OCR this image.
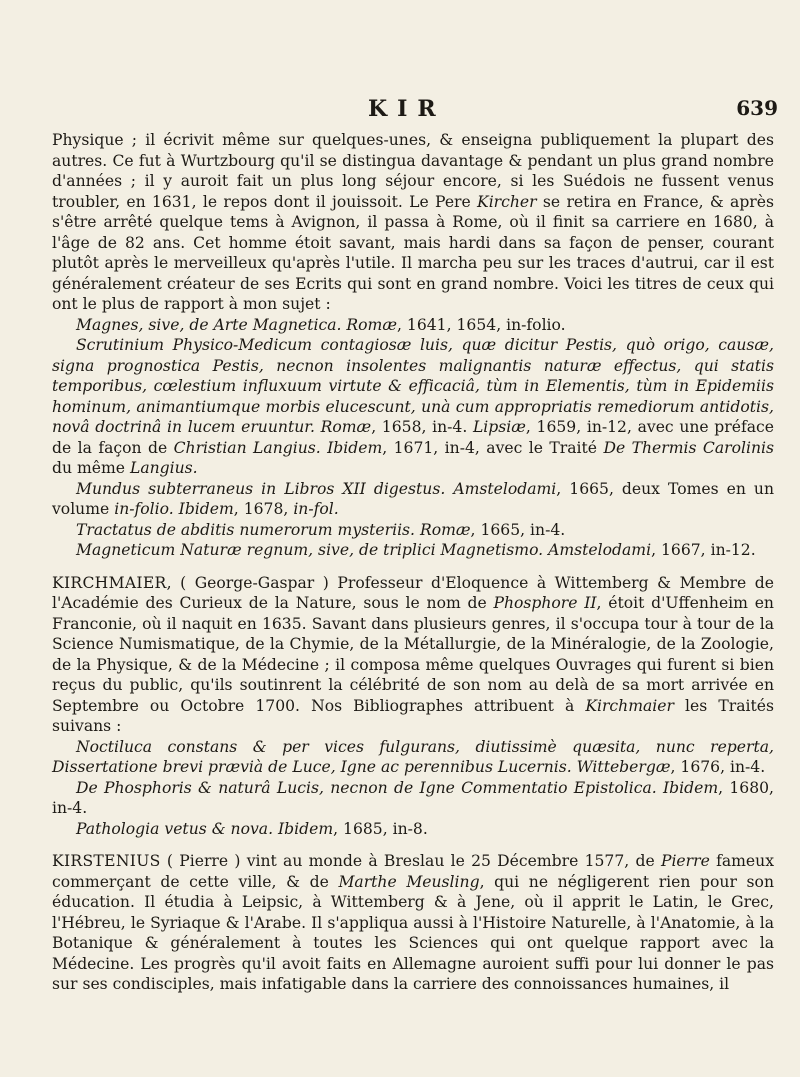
KIR	639

Physique ; il écrivit même sur quelques-unes, & enseigna publiquement la plupart des autres. Ce fut à Wurtzbourg qu'il se distingua davantage & pendant un plus grand nombre d'années ; il y auroit fait un plus long séjour encore, si les Suédois ne fussent venus troubler, en 1631, le repos dont il jouissoit. Le Pere Kircher se retira en France, & après s'être arrêté quelque tems à Avignon, il passa à Rome, où il finit sa carriere en 1680, à l'âge de 82 ans. Cet homme étoit savant, mais hardi dans sa façon de penser, courant plutôt après le merveilleux qu'après l'utile. Il marcha peu sur les traces d'autrui, car il est généralement créateur de ses Ecrits qui sont en grand nombre. Voici les titres de ceux qui ont le plus de rapport à mon sujet :

Magnes, sive, de Arte Magnetica. Romæ, 1641, 1654, in-folio.

Scrutinium Physico-Medicum contagiosæ luis, quæ dicitur Pestis, quò origo, causæ, signa prognostica Pestis, necnon insolentes malignantis naturæ effectus, qui statis temporibus, cœlestium influxuum virtute & efficaciâ, tùm in Elementis, tùm in Epidemiis hominum, animantiumque morbis elucescunt, unà cum appropriatis remediorum antidotis, novâ doctrinâ in lucem eruuntur. Romæ, 1658, in-4. Lipsiæ, 1659, in-12, avec une préface de la façon de Christian Langius. Ibidem, 1671, in-4, avec le Traité De Thermis Carolinis du même Langius.

Mundus subterraneus in Libros XII digestus. Amstelodami, 1665, deux Tomes en un volume in-folio. Ibidem, 1678, in-fol.

Tractatus de abditis numerorum mysteriis. Romæ, 1665, in-4.

Magneticum Naturæ regnum, sive, de triplici Magnetismo. Amstelodami, 1667, in-12.

KIRCHMAIER, ( George-Gaspar ) Professeur d'Eloquence à Wittemberg & Membre de l'Académie des Curieux de la Nature, sous le nom de Phosphore II, étoit d'Uffenheim en Franconie, où il naquit en 1635. Savant dans plusieurs genres, il s'occupa tour à tour de la Science Numismatique, de la Chymie, de la Métallurgie, de la Minéralogie, de la Zoologie, de la Physique, & de la Médecine ; il composa même quelques Ouvrages qui furent si bien reçus du public, qu'ils soutinrent la célébrité de son nom au delà de sa mort arrivée en Septembre ou Octobre 1700. Nos Bibliographes attribuent à Kirchmaier les Traités suivans :

Noctiluca constans & per vices fulgurans, diutissimè quæsita, nunc reperta, Dissertatione brevi prævià de Luce, Igne ac perennibus Lucernis. Wittebergæ, 1676, in-4.

De Phosphoris & naturâ Lucis, necnon de Igne Commentatio Epistolica. Ibidem, 1680, in-4.

Pathologia vetus & nova. Ibidem, 1685, in-8.

KIRSTENIUS ( Pierre ) vint au monde à Breslau le 25 Décembre 1577, de Pierre fameux commerçant de cette ville, & de Marthe Meusling, qui ne négligerent rien pour son éducation. Il étudia à Leipsic, à Wittemberg & à Jene, où il apprit le Latin, le Grec, l'Hébreu, le Syriaque & l'Arabe. Il s'appliqua aussi à l'Histoire Naturelle, à l'Anatomie, à la Botanique & généralement à toutes les Sciences qui ont quelque rapport avec la Médecine. Les progrès qu'il avoit faits en Allemagne auroient suffi pour lui donner le pas sur ses condisciples, mais infatigable dans la carriere des connoissances humaines, il
